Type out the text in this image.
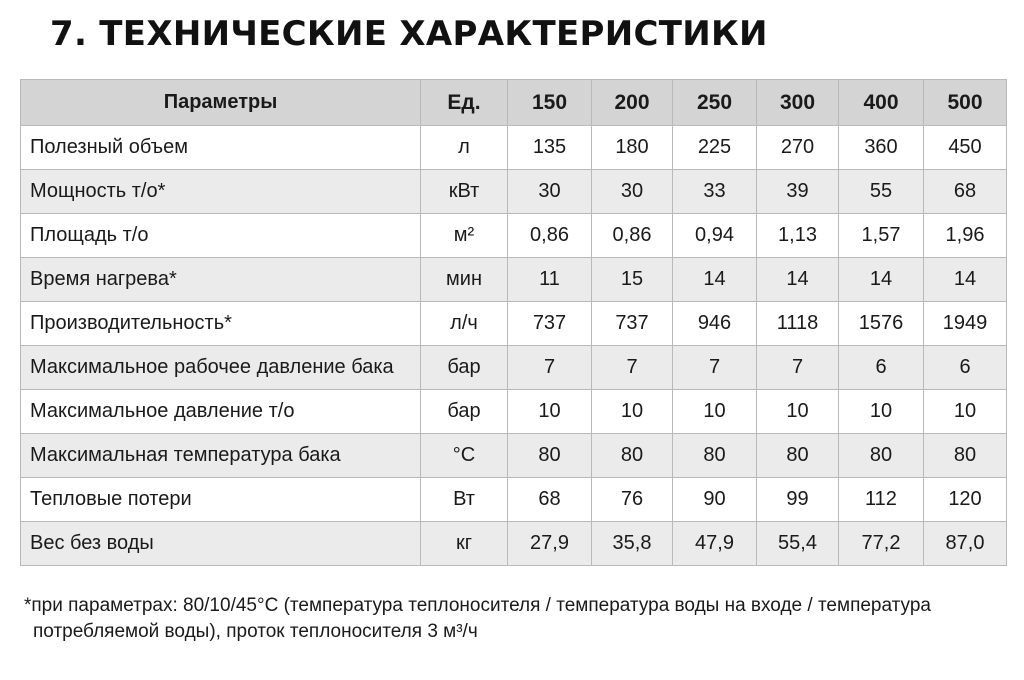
7. ТЕХНИЧЕСКИЕ ХАРАКТЕРИСТИКИ
Параметры	Ед.	150	200	250	300	400	500
Полезный объем	л	135	180	225	270	360	450
Мощность т/о*	кВт	30	30	33	39	55	68
Площадь т/о	м²	0,86	0,86	0,94	1,13	1,57	1,96
Время нагрева*	мин	11	15	14	14	14	14
Производительность*	л/ч	737	737	946	1118	1576	1949
Максимальное рабочее давление бака	бар	7	7	7	7	6	6
Максимальное давление т/о	бар	10	10	10	10	10	10
Максимальная температура бака	°C	80	80	80	80	80	80
Тепловые потери	Вт	68	76	90	99	112	120
Вес без воды	кг	27,9	35,8	47,9	55,4	77,2	87,0
*при параметрах: 80/10/45°C (температура теплоносителя / температура воды на входе / температура
потребляемой воды), проток теплоносителя 3 м³/ч
